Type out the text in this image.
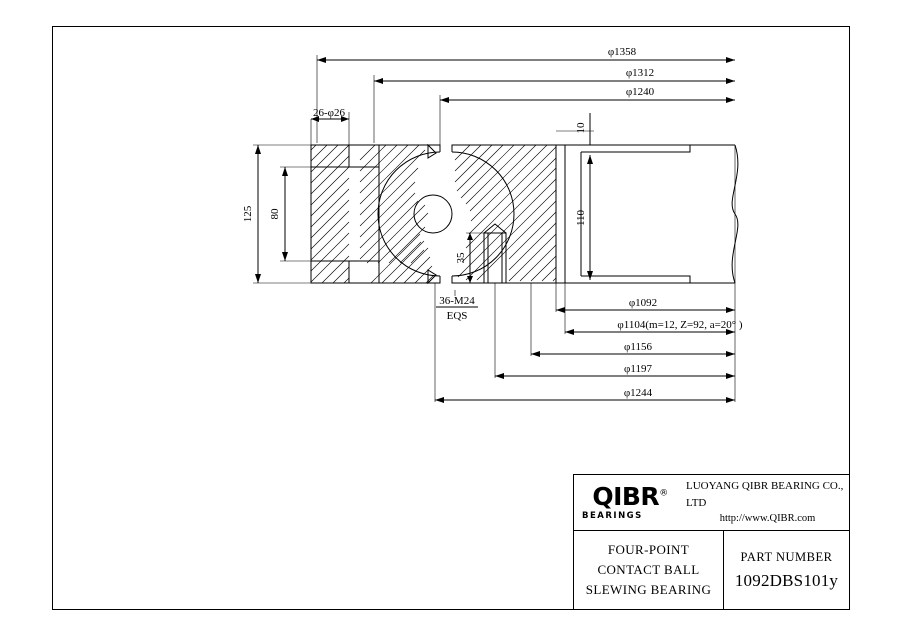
φ1358
φ1312
φ1240
26-φ26
125 80	110
10
35
36-M24
EQS
φ1092
φ1104(m=12, Z=92, a=20° )
φ1156
φ1197
φ1244
QIBR®
BEARINGS
LUOYANG QIBR BEARING CO., LTD
http://www.QIBR.com
FOUR-POINT
CONTACT BALL
SLEWING BEARING
PART NUMBER
1092DBS101y
